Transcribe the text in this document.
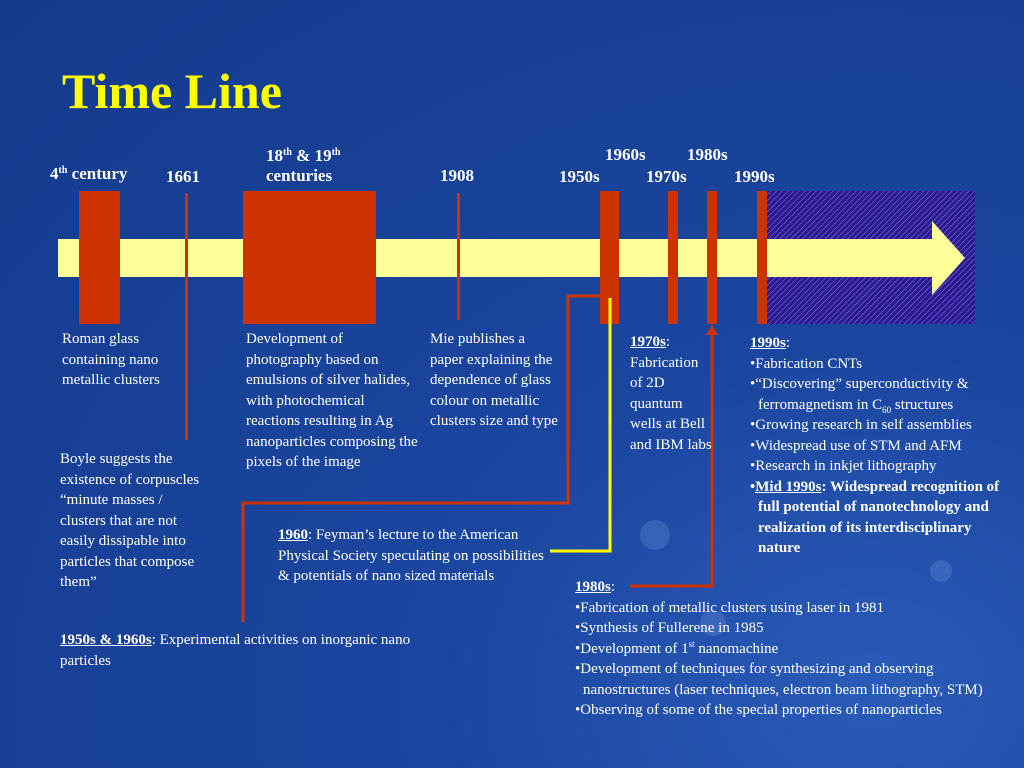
Time Line
4th century 1661
18th & 19th
centuries	1908	1950s
1960s
1970s
1980s
1990s
Roman glass containing nano metallic clusters
Boyle suggests the existence of corpuscles “minute masses / clusters that are not easily dissipable into particles that compose them”
Development of photography based on emulsions of silver halides, with photochemical reactions resulting in Ag nanoparticles composing the pixels of the image
Mie publishes a paper explaining the dependence of glass colour on metallic clusters size and type
1960: Feyman’s lecture to the American Physical Society speculating on possibilities & potentials of nano sized materials
1950s & 1960s: Experimental activities on inorganic nano particles
1970s:
Fabrication of 2D quantum wells at Bell and IBM labs
1980s:
• Fabrication of metallic clusters using laser in 1981
• Synthesis of Fullerene in 1985
• Development of 1st nanomachine
• Development of techniques for synthesizing and observing nanostructures (laser techniques, electron beam lithography, STM)
• Observing of some of the special properties of nanoparticles
1990s:
• Fabrication CNTs
• “Discovering” superconductivity & ferromagnetism in $C_{60}$ structures
• Growing research in self assemblies
• Widespread use of STM and AFM
• Research in inkjet lithography
• Mid 1990s: Widespread recognition of full potential of nanotechnology and realization of its interdisciplinary nature
